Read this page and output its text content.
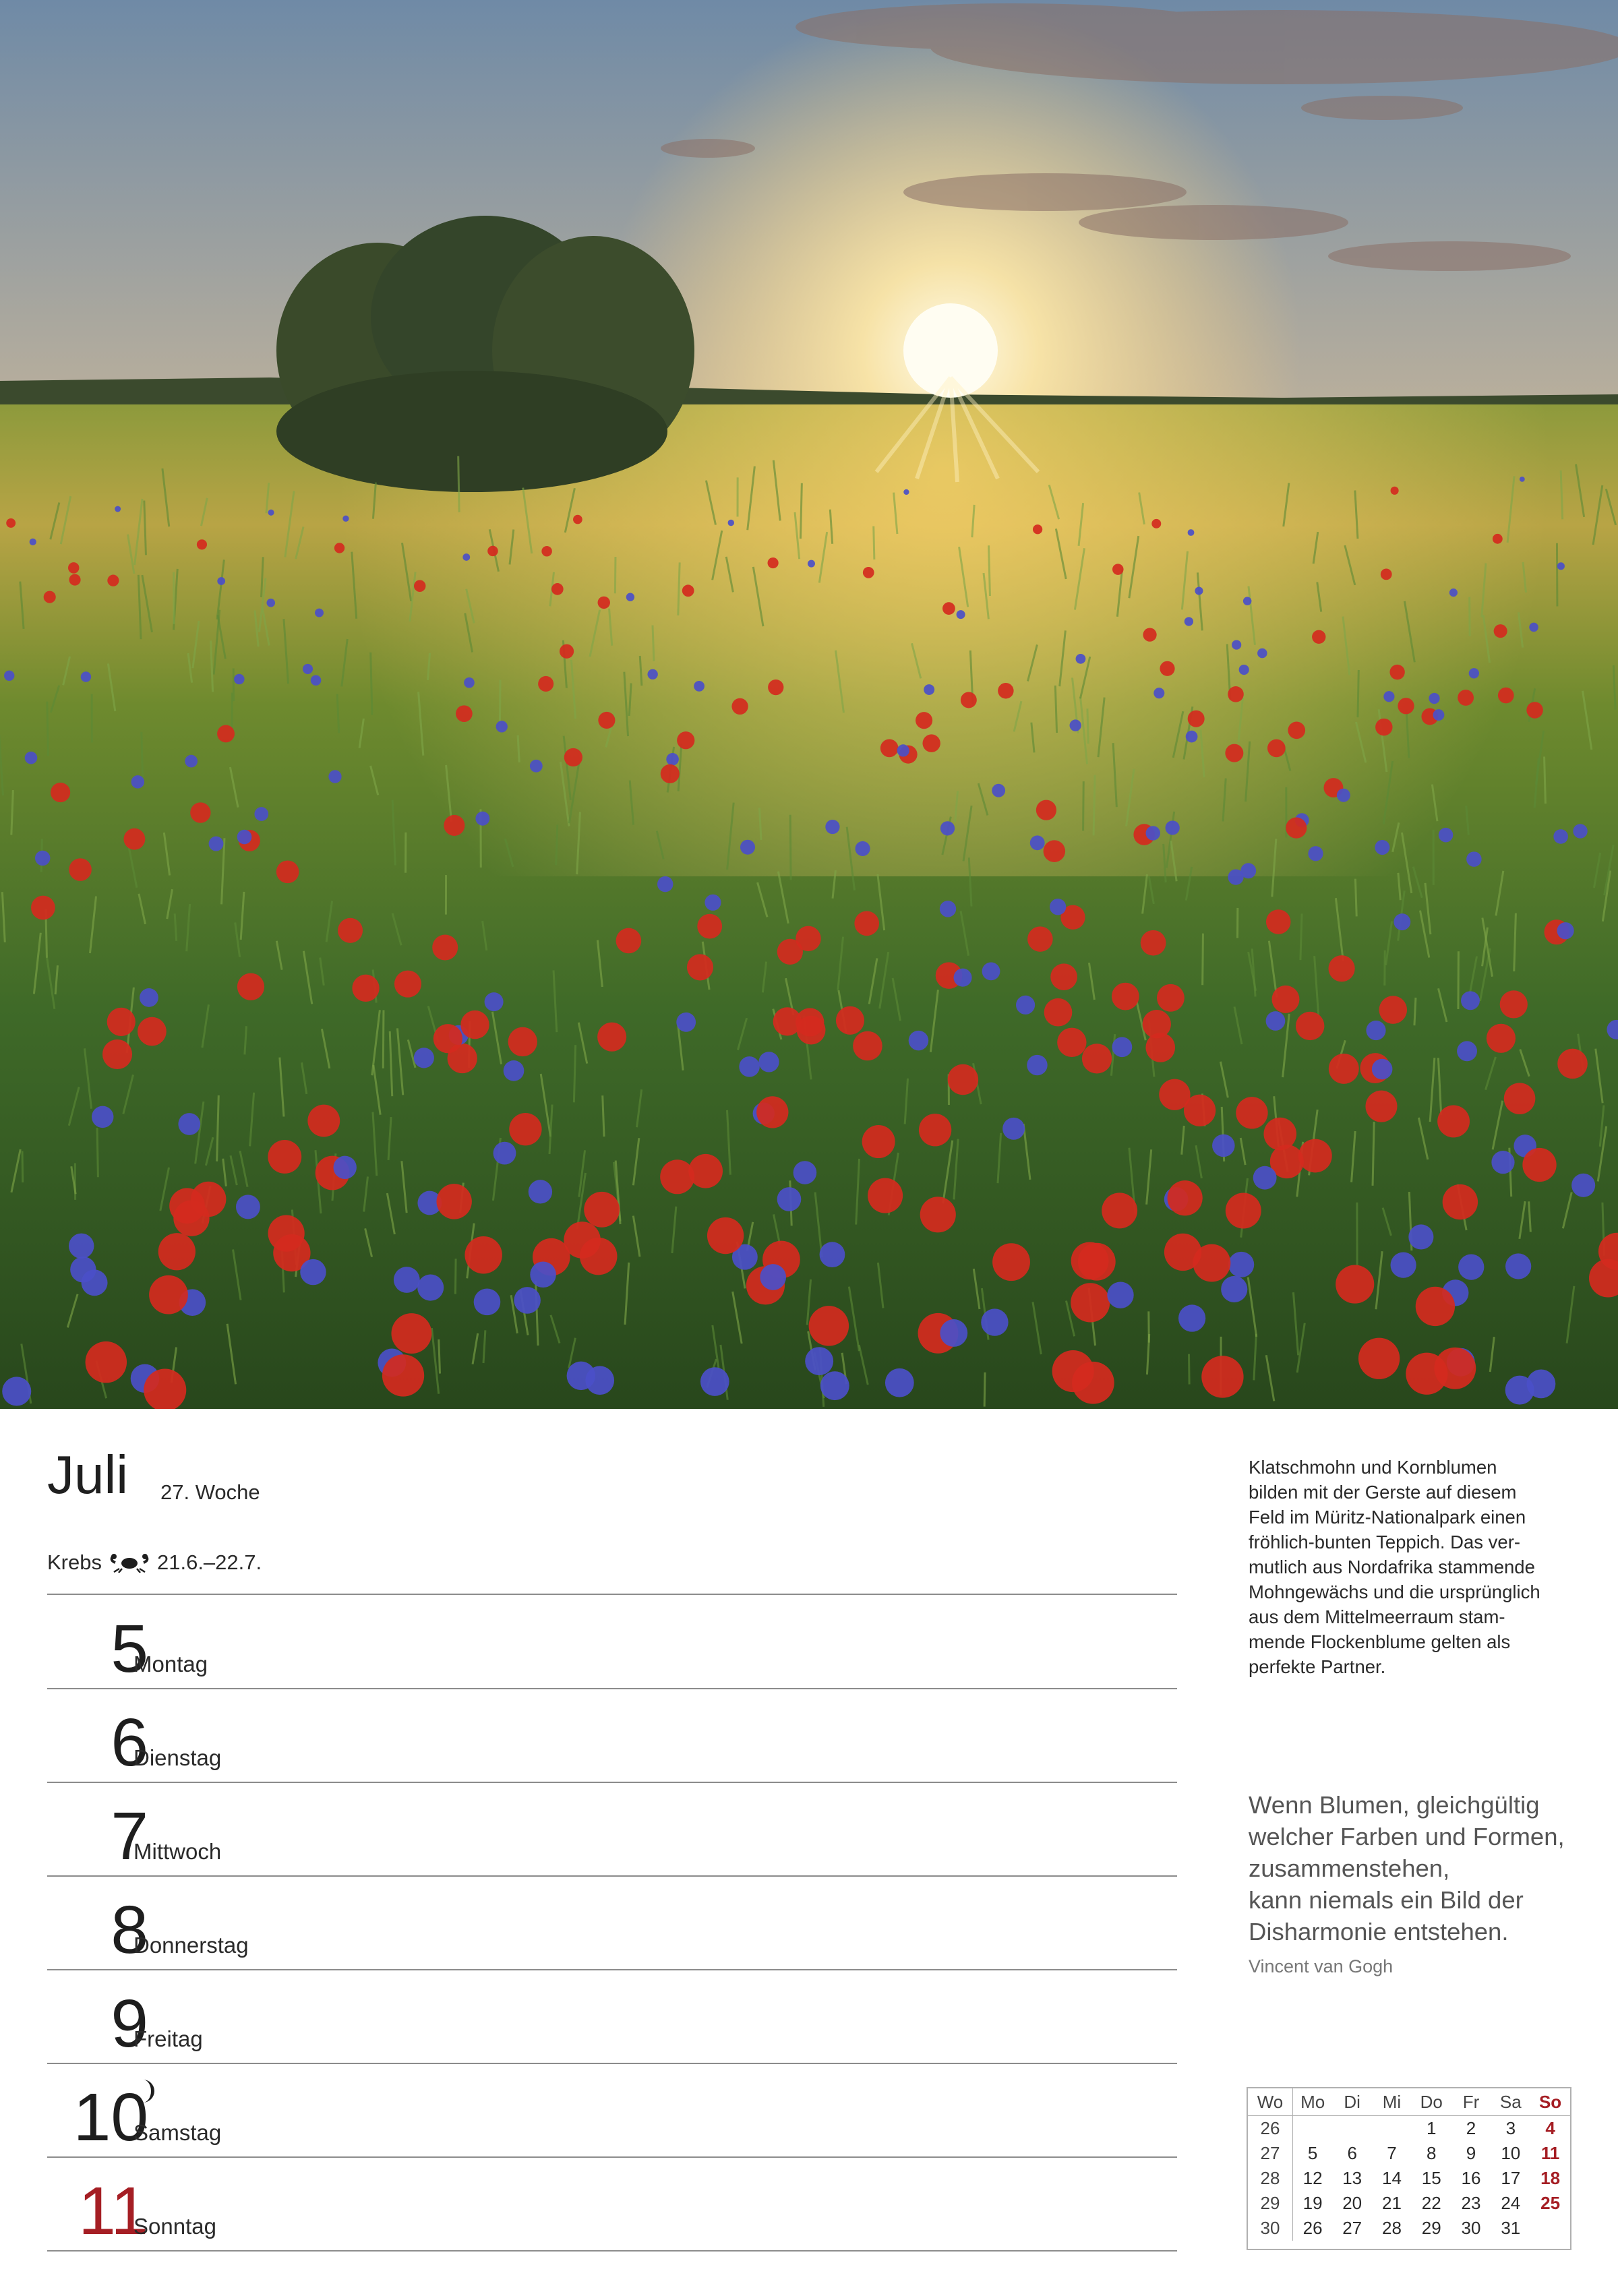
Juli 27. Woche
Krebs	21.6.–22.7.
5
Montag
6
Dienstag
7
Mittwoch
8
Donnerstag
9
Freitag
10
Samstag
11
Sonntag

Klatschmohn und Kornblumen
bilden mit der Gerste auf diesem
Feld im Müritz-Nationalpark einen
fröhlich-bunten Teppich. Das ver-
mutlich aus Nordafrika stammende
Mohngewächs und die ursprünglich
aus dem Mittelmeerraum stam-
mende Flockenblume gelten als
perfekte Partner.

Wenn Blumen, gleichgültig
welcher Farben und Formen,
zusammenstehen,
kann niemals ein Bild der
Disharmonie entstehen.

Vincent van Gogh
Wo	Mo	Di	Mi	Do	Fr	Sa	So
26				1	2	3	4
27	5	6	7	8	9	10	11
28	12	13	14	15	16	17	18
29	19	20	21	22	23	24	25
30	26	27	28	29	30	31	
